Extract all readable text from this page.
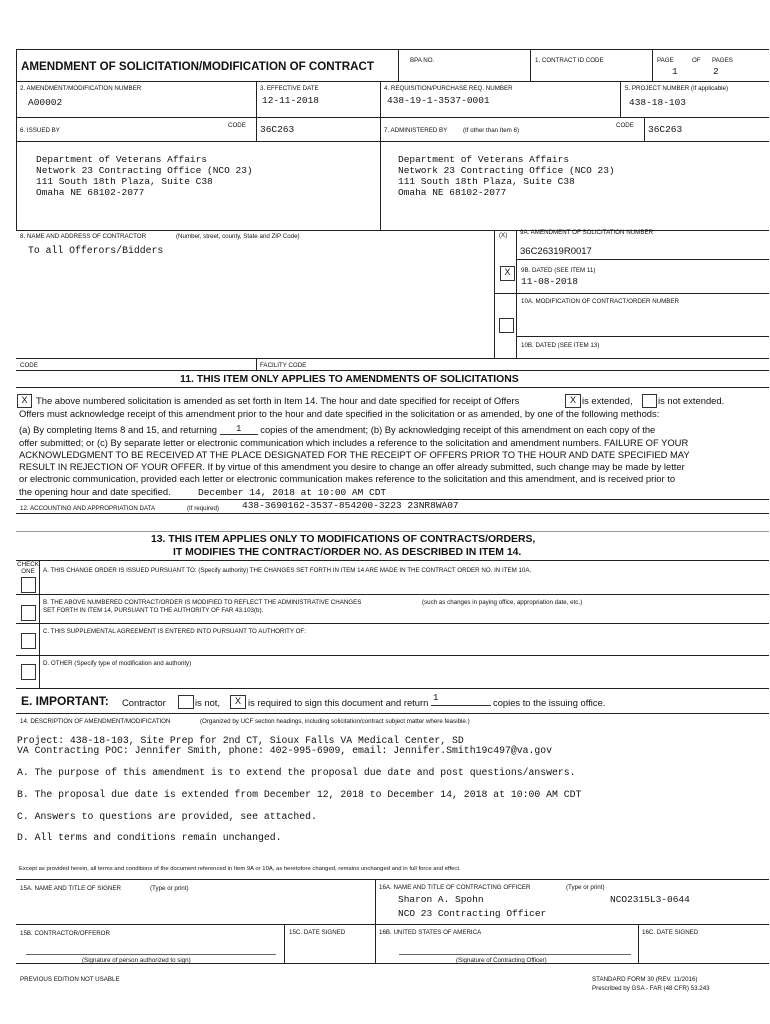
AMENDMENT OF SOLICITATION/MODIFICATION OF CONTRACT	BPA NO.	1. CONTRACT ID CODE	PAGE	OF PAGES
1	2
2. AMENDMENT/MODIFICATION NUMBER
A00002
3. EFFECTIVE DATE
12-11-2018
4. REQUISITION/PURCHASE REQ. NUMBER
438-19-1-3537-0001
5. PROJECT NUMBER (If applicable)
438-18-103
6. ISSUED BY
CODE 36C263	7. ADMINISTERED BY	(If other than Item 6)
CODE 36C263
Department of Veterans Affairs
Network 23 Contracting Office (NCO 23)
111 South 18th Plaza, Suite C38
Omaha NE 68102-2077
Department of Veterans Affairs
Network 23 Contracting Office (NCO 23)
111 South 18th Plaza, Suite C38
Omaha NE 68102-2077
8. NAME AND ADDRESS OF CONTRACTOR	(Number, street, county, State and ZIP Code)
To all Offerors/Bidders
(X) 9A. AMENDMENT OF SOLICITATION NUMBER
36C26319R0017
X	9B. DATED (SEE ITEM 11)
11-08-2018
10A. MODIFICATION OF CONTRACT/ORDER NUMBER
10B. DATED (SEE ITEM 13)
CODE	FACILITY CODE
11. THIS ITEM ONLY APPLIES TO AMENDMENTS OF SOLICITATIONS
X The above numbered solicitation is amended as set forth in Item 14. The hour and date specified for receipt of Offers	X is extended,	is not extended.
Offers must acknowledge receipt of this amendment prior to the hour and date specified in the solicitation or as amended, by one of the following methods:
(a) By completing Items 8 and 15, and returning 1 copies of the amendment; (b) By acknowledging receipt of this amendment on each copy of the
offer submitted; or (c) By separate letter or electronic communication which includes a reference to the solicitation and amendment numbers. FAILURE OF YOUR
ACKNOWLEDGMENT TO BE RECEIVED AT THE PLACE DESIGNATED FOR THE RECEIPT OF OFFERS PRIOR TO THE HOUR AND DATE SPECIFIED MAY
RESULT IN REJECTION OF YOUR OFFER. If by virtue of this amendment you desire to change an offer already submitted, such change may be made by letter
or electronic communication, provided each letter or electronic communication makes reference to the solicitation and this amendment, and is received prior to
the opening hour and date specified.	December 14, 2018 at 10:00 AM CDT
12. ACCOUNTING AND APPROPRIATION DATA	(If required) 438-3690162-3537-854200-3223 23NR8WA07
13. THIS ITEM APPLIES ONLY TO MODIFICATIONS OF CONTRACTS/ORDERS,
IT MODIFIES THE CONTRACT/ORDER NO. AS DESCRIBED IN ITEM 14.
CHECK
ONE	A. THIS CHANGE ORDER IS ISSUED PURSUANT TO: (Specify authority) THE CHANGES SET FORTH IN ITEM 14 ARE MADE IN THE CONTRACT ORDER NO. IN ITEM 10A.
B. THE ABOVE NUMBERED CONTRACT/ORDER IS MODIFIED TO REFLECT THE ADMINISTRATIVE CHANGES	(such as changes in paying office, appropriation date, etc.)
SET FORTH IN ITEM 14, PURSUANT TO THE AUTHORITY OF FAR 43.103(b).
C. THIS SUPPLEMENTAL AGREEMENT IS ENTERED INTO PURSUANT TO AUTHORITY OF:
D. OTHER (Specify type of modification and authority)
E. IMPORTANT: Contractor	is not,	X is required to sign this document and return 1	copies to the issuing office.
14. DESCRIPTION OF AMENDMENT/MODIFICATION	(Organized by UCF section headings, including solicitation/contract subject matter where feasible.)
Project: 438-18-103, Site Prep for 2nd CT, Sioux Falls VA Medical Center, SD
VA Contracting POC: Jennifer Smith, phone: 402-995-6909, email: Jennifer.Smith19c497@va.gov
A. The purpose of this amendment is to extend the proposal due date and post questions/answers.
B. The proposal due date is extended from December 12, 2018 to December 14, 2018 at 10:00 AM CDT
C. Answers to questions are provided, see attached.
D. All terms and conditions remain unchanged.
Except as provided herein, all terms and conditions of the document referenced in Item 9A or 10A, as heretofore changed, remains unchanged and in full force and effect.
15A. NAME AND TITLE OF SIGNER	(Type or print)	16A. NAME AND TITLE OF CONTRACTING OFFICER	(Type or print)
Sharon A. Spohn	NCO2315L3-0644
NCO 23 Contracting Officer
15B. CONTRACTOR/OFFEROR	15C. DATE SIGNED	16B. UNITED STATES OF AMERICA	16C. DATE SIGNED
(Signature of person authorized to sign)	(Signature of Contracting Officer)
PREVIOUS EDITION NOT USABLE	STANDARD FORM 30 (REV. 11/2016)
Prescribed by GSA - FAR (48 CFR) 53.243
